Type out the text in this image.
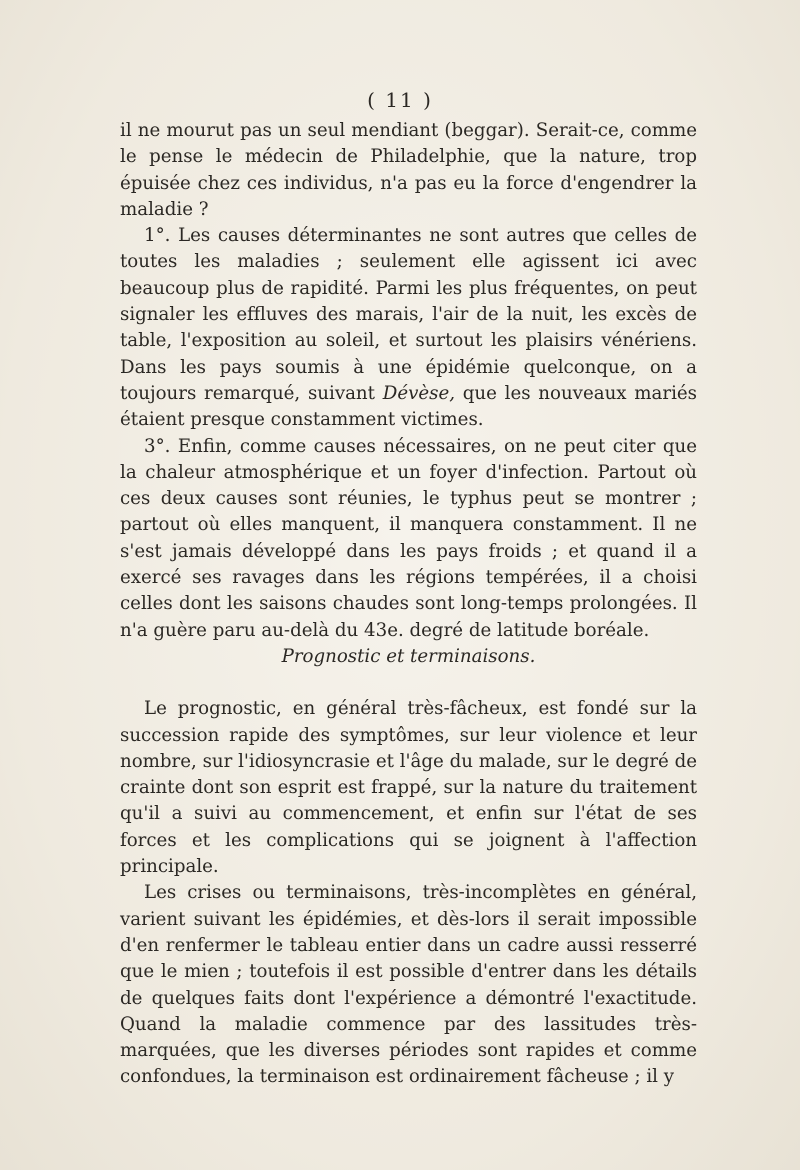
( 11 )

il ne mourut pas un seul mendiant (beggar). Serait-ce, comme le pense le médecin de Philadelphie, que la nature, trop épuisée chez ces individus, n'a pas eu la force d'engendrer la maladie ?

1°. Les causes déterminantes ne sont autres que celles de toutes les maladies ; seulement elle agissent ici avec beaucoup plus de rapidité. Parmi les plus fréquentes, on peut signaler les effluves des marais, l'air de la nuit, les excès de table, l'exposition au soleil, et surtout les plaisirs vénériens. Dans les pays soumis à une épidémie quelconque, on a toujours remarqué, suivant Dévèse, que les nouveaux mariés étaient presque constamment victimes.

3°. Enfin, comme causes nécessaires, on ne peut citer que la chaleur atmosphérique et un foyer d'infection. Partout où ces deux causes sont réunies, le typhus peut se montrer ; partout où elles manquent, il manquera constamment. Il ne s'est jamais développé dans les pays froids ; et quand il a exercé ses ravages dans les régions tempérées, il a choisi celles dont les saisons chaudes sont long-temps prolongées. Il n'a guère paru au-delà du 43e. degré de latitude boréale.

Prognostic et terminaisons.

Le prognostic, en général très-fâcheux, est fondé sur la succession rapide des symptômes, sur leur violence et leur nombre, sur l'idiosyncrasie et l'âge du malade, sur le degré de crainte dont son esprit est frappé, sur la nature du traitement qu'il a suivi au commencement, et enfin sur l'état de ses forces et les complications qui se joignent à l'affection principale.

Les crises ou terminaisons, très-incomplètes en général, varient suivant les épidémies, et dès-lors il serait impossible d'en renfermer le tableau entier dans un cadre aussi resserré que le mien ; toutefois il est possible d'entrer dans les détails de quelques faits dont l'expérience a démontré l'exactitude. Quand la maladie commence par des lassitudes très-marquées, que les diverses périodes sont rapides et comme confondues, la terminaison est ordinairement fâcheuse ; il y
